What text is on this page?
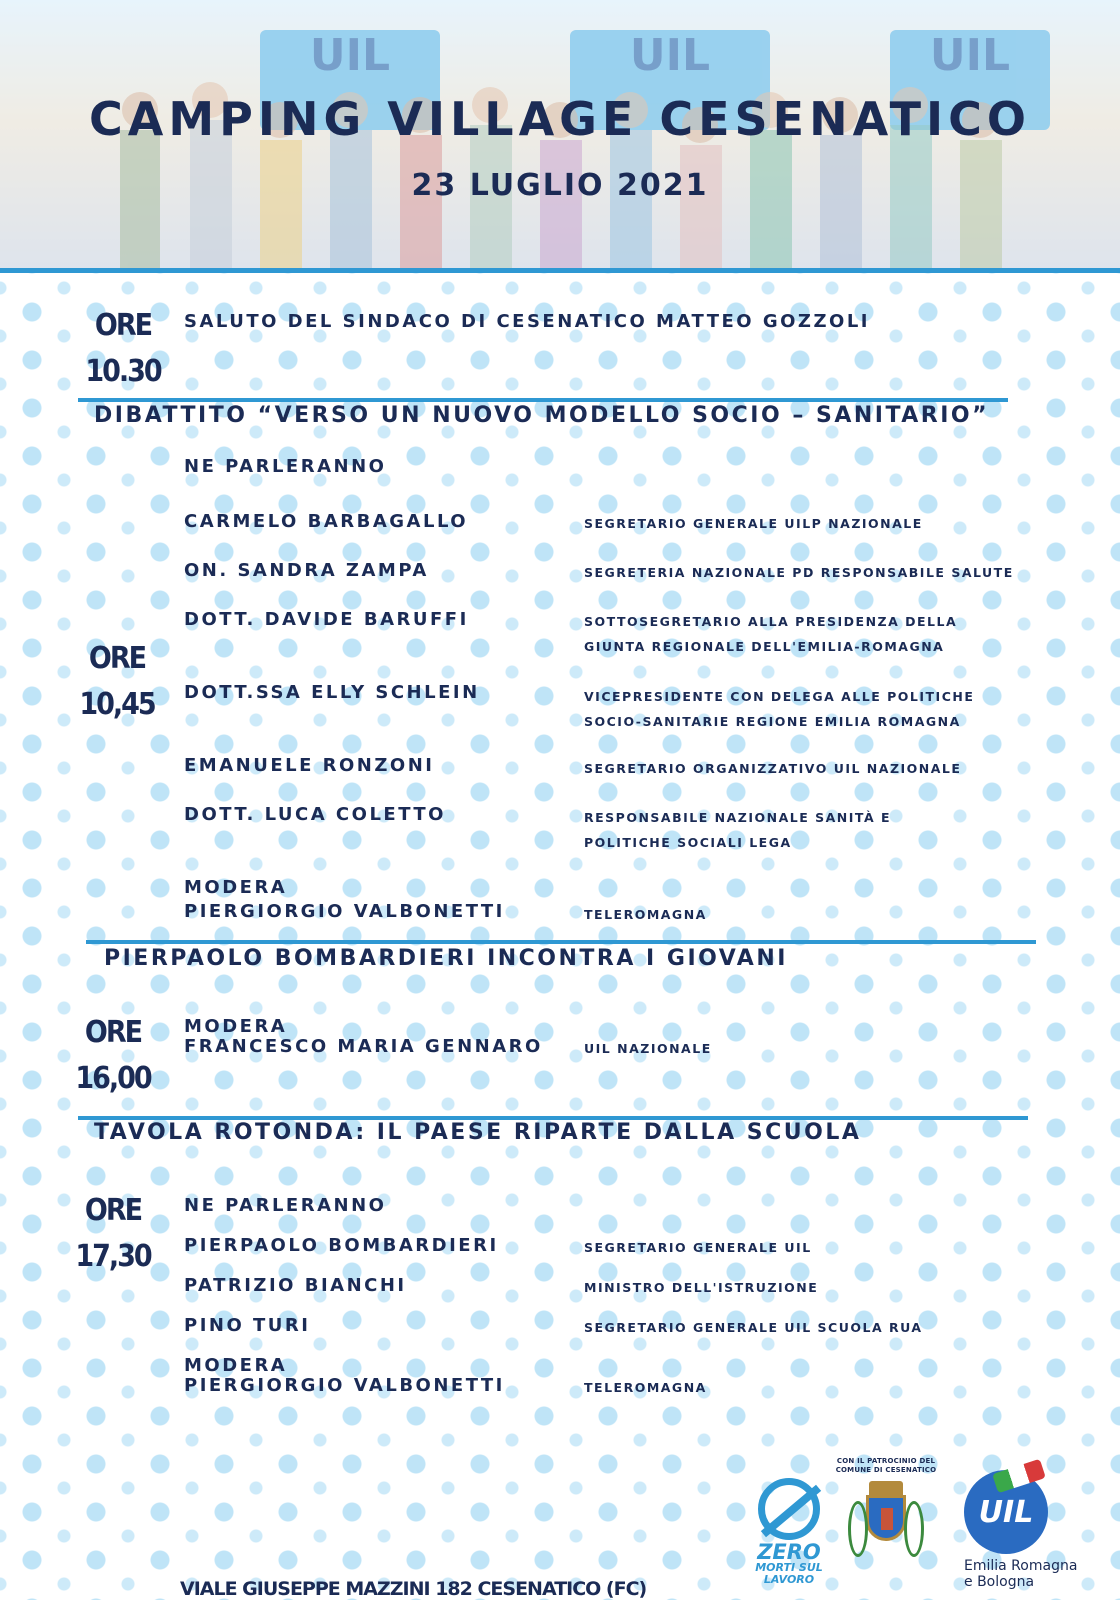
UIL	UIL	UIL
CAMPING VILLAGE CESENATICO
23 LUGLIO 2021
ORE
10.30
SALUTO DEL SINDACO DI CESENATICO MATTEO GOZZOLI
DIBATTITO “VERSO UN NUOVO MODELLO SOCIO – SANITARIO”
NE PARLERANNO
CARMELO BARBAGALLO	SEGRETARIO GENERALE UILP NAZIONALE
ON. SANDRA ZAMPA	SEGRETERIA NAZIONALE PD RESPONSABILE SALUTE
DOTT. DAVIDE BARUFFI	SOTTOSEGRETARIO ALLA PRESIDENZA DELLA GIUNTA REGIONALE DELL'EMILIA-ROMAGNA
ORE
10,45	DOTT.SSA ELLY SCHLEIN	VICEPRESIDENTE CON DELEGA ALLE POLITICHE SOCIO-SANITARIE REGIONE EMILIA ROMAGNA
EMANUELE RONZONI	SEGRETARIO ORGANIZZATIVO UIL NAZIONALE
DOTT. LUCA COLETTO	RESPONSABILE NAZIONALE SANITÀ E POLITICHE SOCIALI LEGA
MODERA
PIERGIORGIO VALBONETTI	TELEROMAGNA
PIERPAOLO BOMBARDIERI INCONTRA I GIOVANI
ORE
16,00
MODERA
FRANCESCO MARIA GENNARO	UIL NAZIONALE
TAVOLA ROTONDA: IL PAESE RIPARTE DALLA SCUOLA
ORE
17,30
NE PARLERANNO
PIERPAOLO BOMBARDIERI	SEGRETARIO GENERALE UIL
PATRIZIO BIANCHI	MINISTRO DELL'ISTRUZIONE
PINO TURI	SEGRETARIO GENERALE UIL SCUOLA RUA
MODERA
PIERGIORGIO VALBONETTI	TELEROMAGNA
VIALE GIUSEPPE MAZZINI 182 CESENATICO (FC)
ZERO
MORTI SUL
LAVORO
CON IL PATROCINIO DEL COMUNE DI CESENATICO
UIL
Emilia Romagna
e Bologna
